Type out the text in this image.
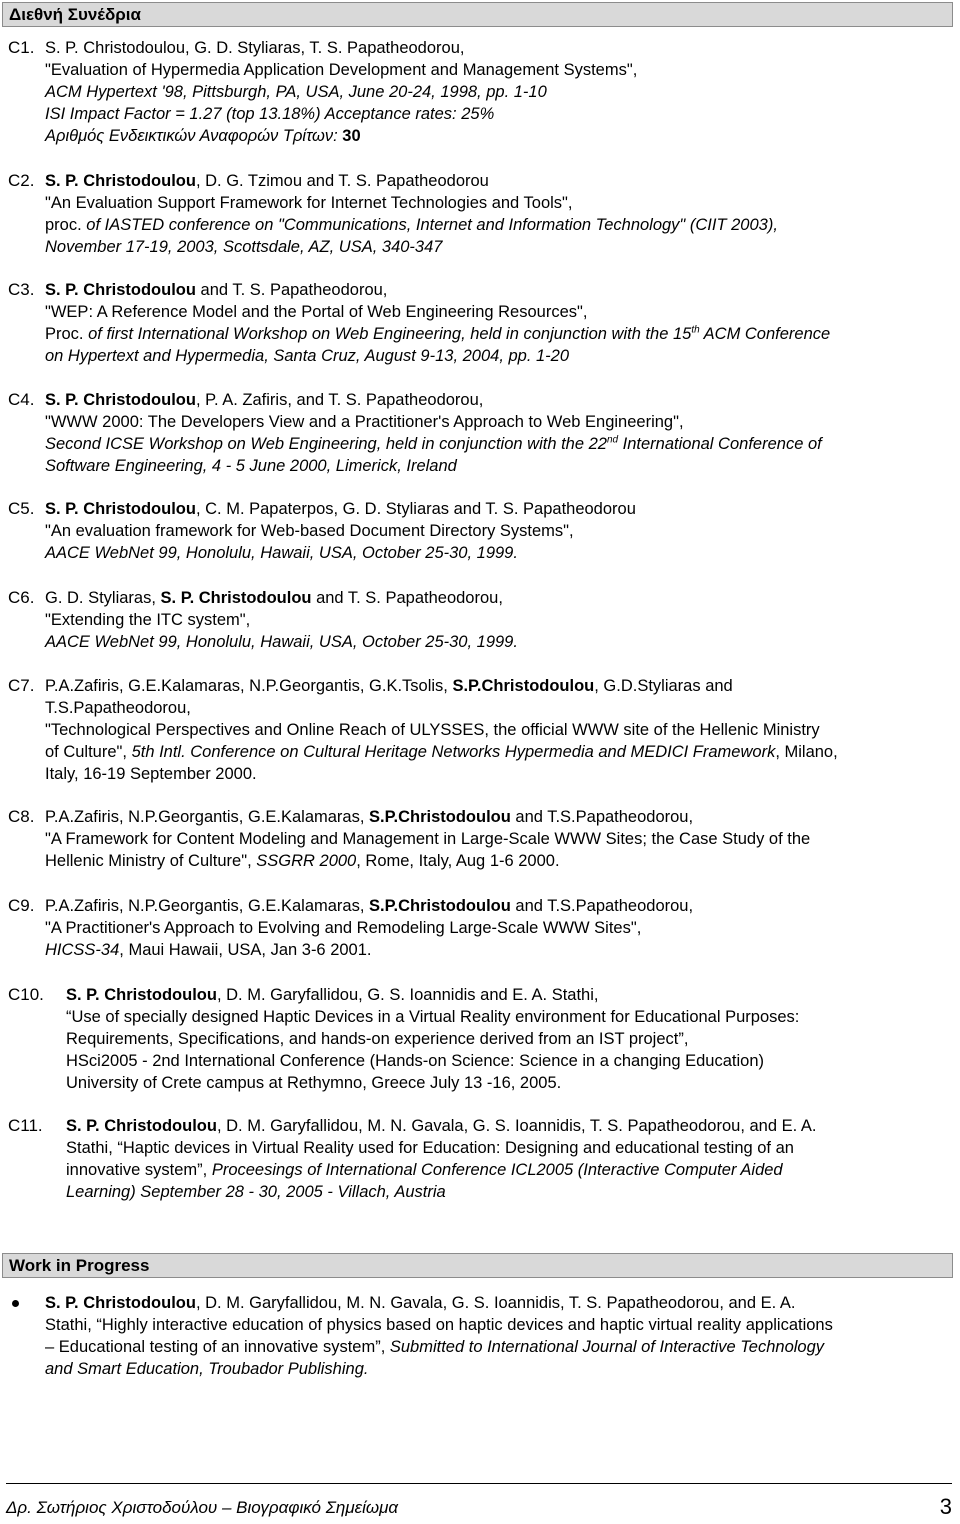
Διεθνή Συνέδρια
C1. S. P. Christodoulou, G. D. Styliaras, T. S. Papatheodorou,
"Evaluation of Hypermedia Application Development and Management Systems",
ACM Hypertext '98, Pittsburgh, PA, USA, June 20-24, 1998, pp. 1-10
ISI Impact Factor = 1.27 (top 13.18%) Acceptance rates: 25%
Αριθμός Ενδεικτικών Αναφορών Τρίτων: 30
C2. S. P. Christodoulou, D. G. Tzimou and T. S. Papatheodorou
"An Evaluation Support Framework for Internet Technologies and Tools",
proc. of IASTED conference on "Communications, Internet and Information Technology" (CIIT 2003),
November 17-19, 2003, Scottsdale, AZ, USA, 340-347
C3. S. P. Christodoulou and T. S. Papatheodorou,
"WEP: A Reference Model and the Portal of Web Engineering Resources",
Proc. of first International Workshop on Web Engineering, held in conjunction with the 15th ACM Conference
on Hypertext and Hypermedia, Santa Cruz, August 9-13, 2004, pp. 1-20
C4. S. P. Christodoulou, P. A. Zafiris, and T. S. Papatheodorou,
"WWW 2000: The Developers View and a Practitioner's Approach to Web Engineering",
Second ICSE Workshop on Web Engineering, held in conjunction with the 22nd International Conference of
Software Engineering, 4 - 5 June 2000, Limerick, Ireland
C5. S. P. Christodoulou, C. M. Papaterpos, G. D. Styliaras and T. S. Papatheodorou
"An evaluation framework for Web-based Document Directory Systems",
AACE WebNet 99, Honolulu, Hawaii, USA, October 25-30, 1999.
C6. G. D. Styliaras, S. P. Christodoulou and T. S. Papatheodorou,
"Extending the ITC system",
AACE WebNet 99, Honolulu, Hawaii, USA, October 25-30, 1999.
C7. P.A.Zafiris, G.E.Kalamaras, N.P.Georgantis, G.K.Tsolis, S.P.Christodoulou, G.D.Styliaras and
T.S.Papatheodorou,
"Technological Perspectives and Online Reach of ULYSSES, the official WWW site of the Hellenic Ministry
of Culture", 5th Intl. Conference on Cultural Heritage Networks Hypermedia and MEDICI Framework, Milano,
Italy, 16-19 September 2000.
C8. P.A.Zafiris, N.P.Georgantis, G.E.Kalamaras, S.P.Christodoulou and T.S.Papatheodorou,
"A Framework for Content Modeling and Management in Large-Scale WWW Sites; the Case Study of the
Hellenic Ministry of Culture", SSGRR 2000, Rome, Italy, Aug 1-6 2000.
C9. P.A.Zafiris, N.P.Georgantis, G.E.Kalamaras, S.P.Christodoulou and T.S.Papatheodorou,
"A Practitioner's Approach to Evolving and Remodeling Large-Scale WWW Sites",
HICSS-34, Maui Hawaii, USA, Jan 3-6 2001.
C10. S. P. Christodoulou, D. M. Garyfallidou, G. S. Ioannidis and E. A. Stathi,
“Use of specially designed Haptic Devices in a Virtual Reality environment for Educational Purposes:
Requirements, Specifications, and hands-on experience derived from an IST project”,
HSci2005 - 2nd International Conference (Hands-on Science: Science in a changing Education)
University of Crete campus at Rethymno, Greece July 13 -16, 2005.
C11. S. P. Christodoulou, D. M. Garyfallidou, M. N. Gavala, G. S. Ioannidis, T. S. Papatheodorou, and E. A.
Stathi, “Haptic devices in Virtual Reality used for Education: Designing and educational testing of an
innovative system”, Proceesings of International Conference ICL2005 (Interactive Computer Aided
Learning) September 28 - 30, 2005 - Villach, Austria
Work in Progress
S. P. Christodoulou, D. M. Garyfallidou, M. N. Gavala, G. S. Ioannidis, T. S. Papatheodorou, and E. A.
Stathi, “Highly interactive education of physics based on haptic devices and haptic virtual reality applications
– Educational testing of an innovative system”, Submitted to International Journal of Interactive Technology
and Smart Education, Troubador Publishing.
Δρ. Σωτήριος Χριστοδούλου – Βιογραφικό Σημείωμα	3
